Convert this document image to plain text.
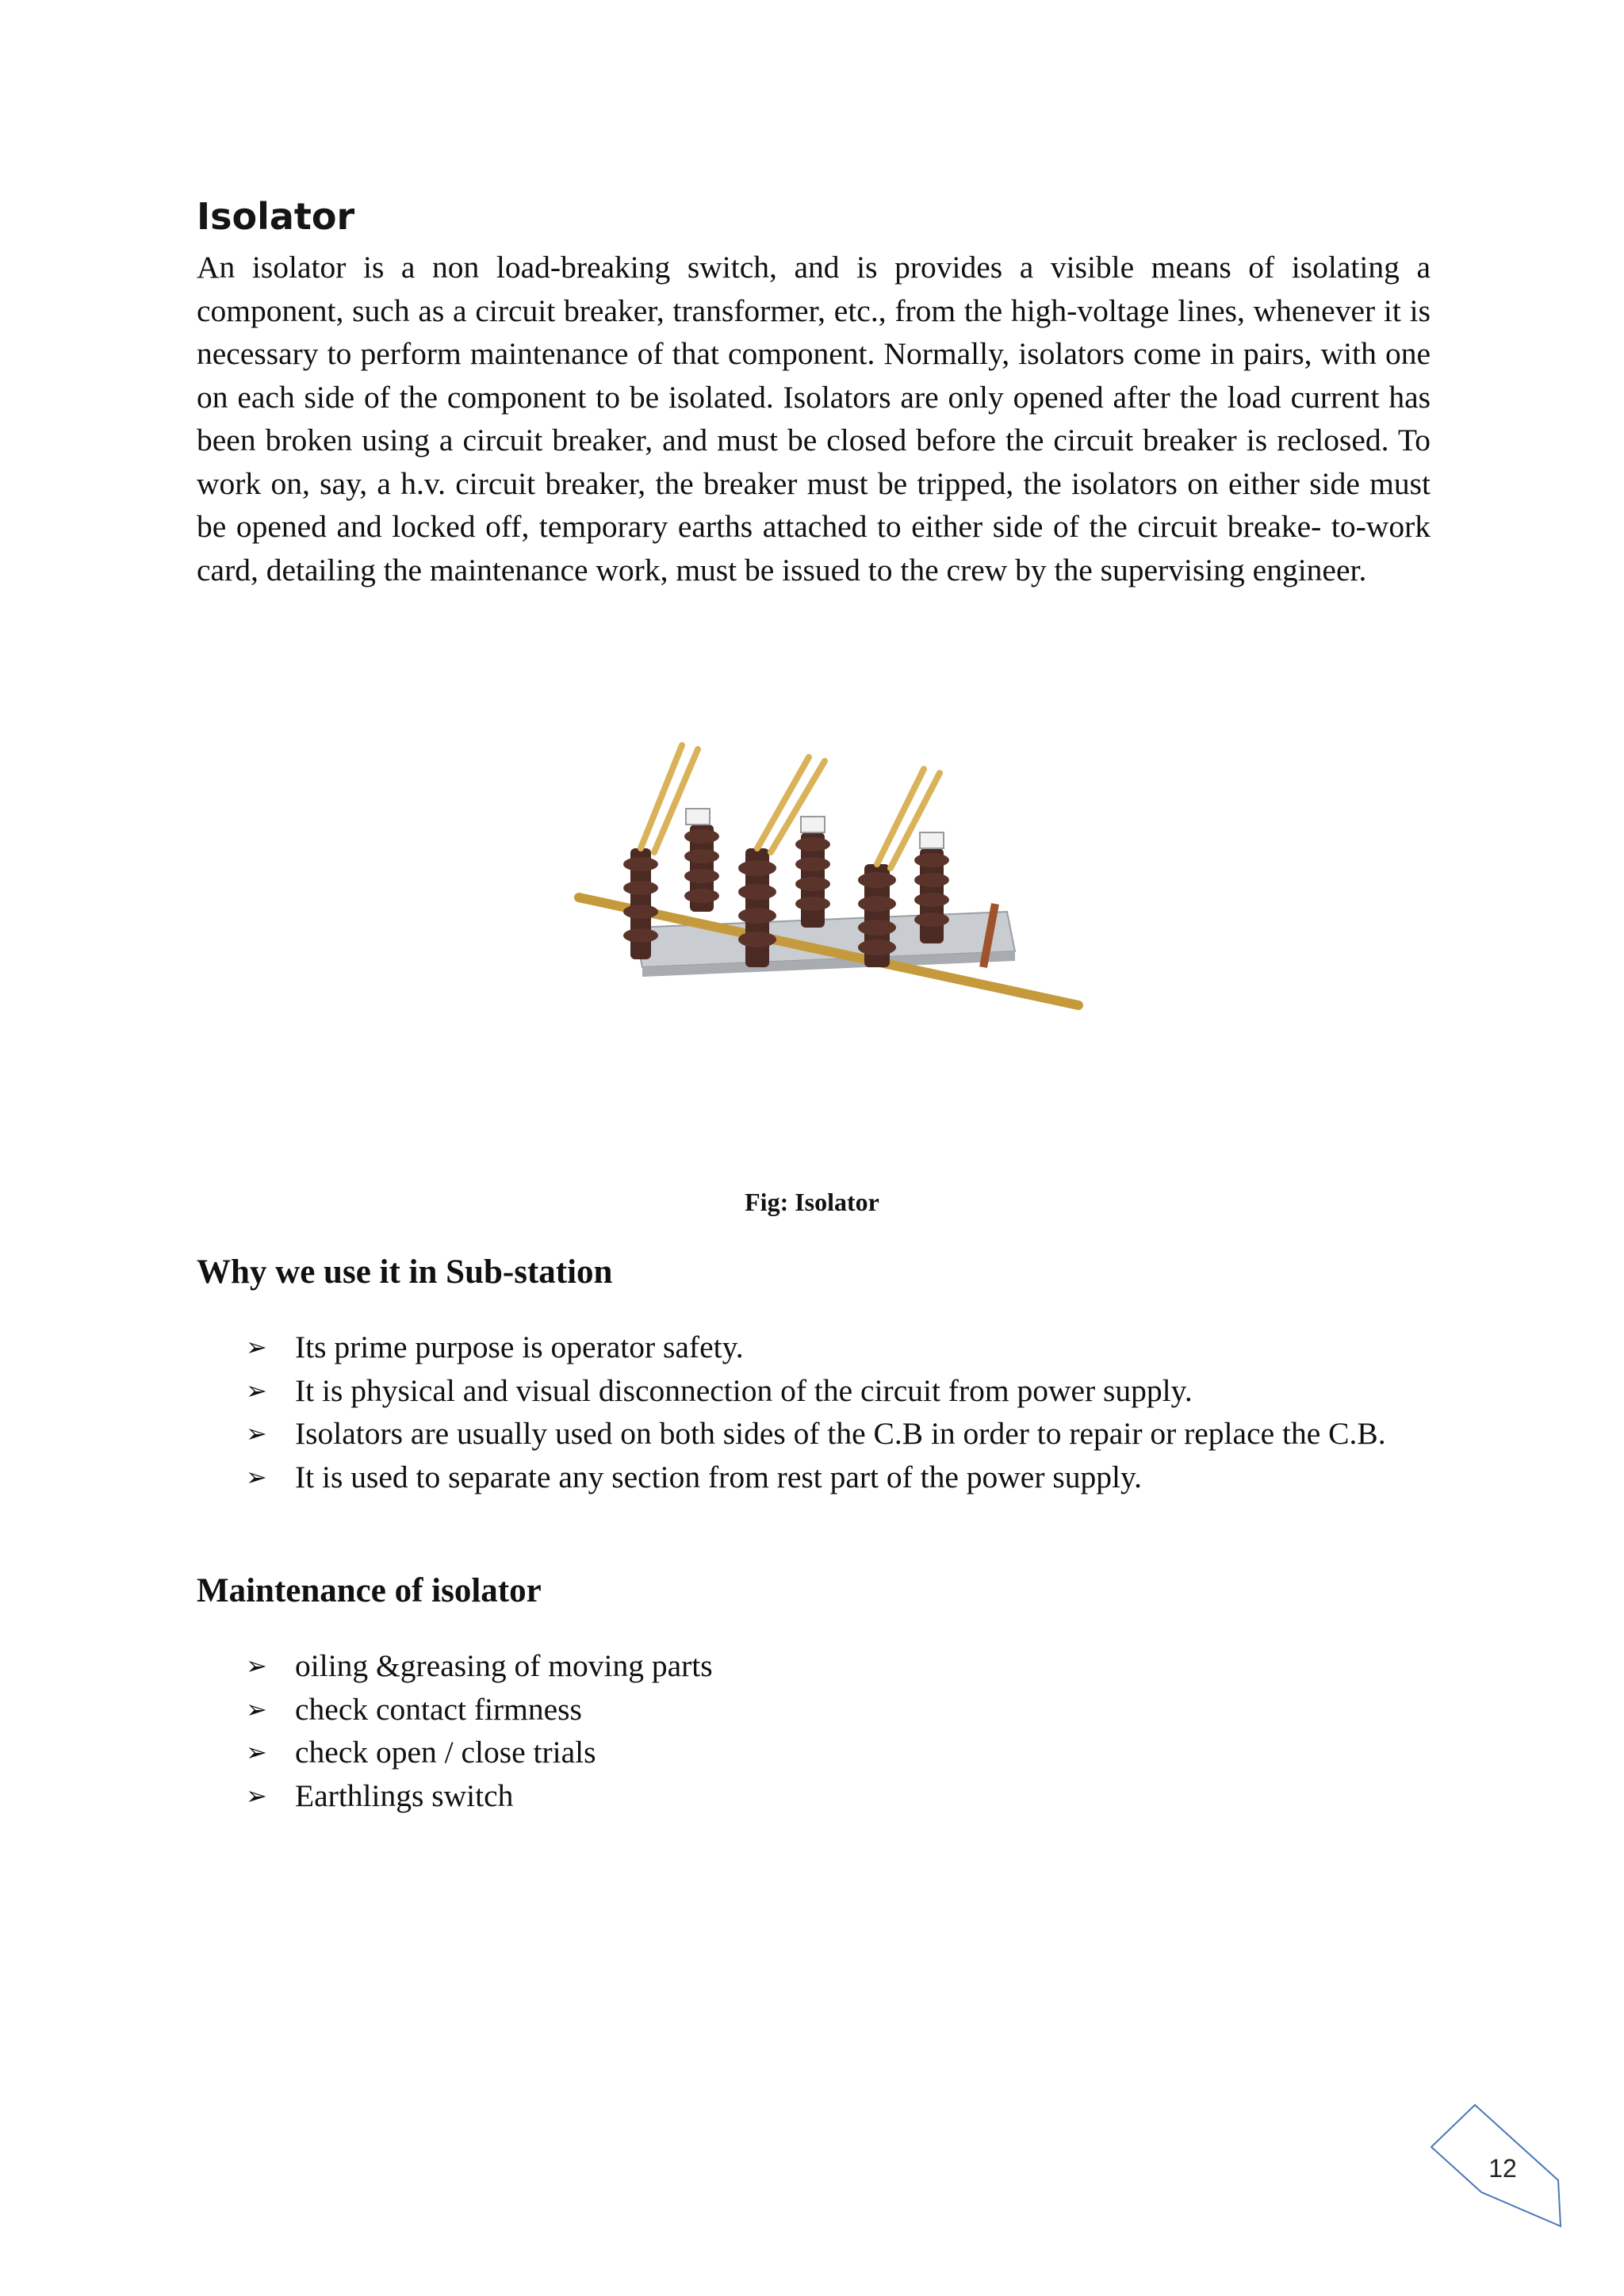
Isolator

An isolator is a non load-breaking switch, and is provides a visible means of isolating a component, such as a circuit breaker, transformer, etc., from the high-voltage lines, whenever it is necessary to perform maintenance of that component. Normally, isolators come in pairs, with one on each side of the component to be isolated. Isolators are only opened after the load current has been broken using a circuit breaker, and must be closed before the circuit breaker is reclosed. To work on, say, a h.v. circuit breaker, the breaker must be tripped, the isolators on either side must be opened and locked off, temporary earths attached to either side of the circuit breake- to-work card, detailing the maintenance work, must be issued to the crew by the supervising engineer.

Fig: Isolator
Why we use it in Sub-station
➢ Its prime purpose is operator safety.
➢ It is physical and visual disconnection of the circuit from power supply.
➢ Isolators are usually used on both sides of the C.B in order to repair or replace the C.B.
➢ It is used to separate any section from rest part of the power supply.
Maintenance of isolator
➢ oiling &greasing of moving parts
➢ check contact firmness
➢ check open / close trials
➢ Earthlings switch
12
